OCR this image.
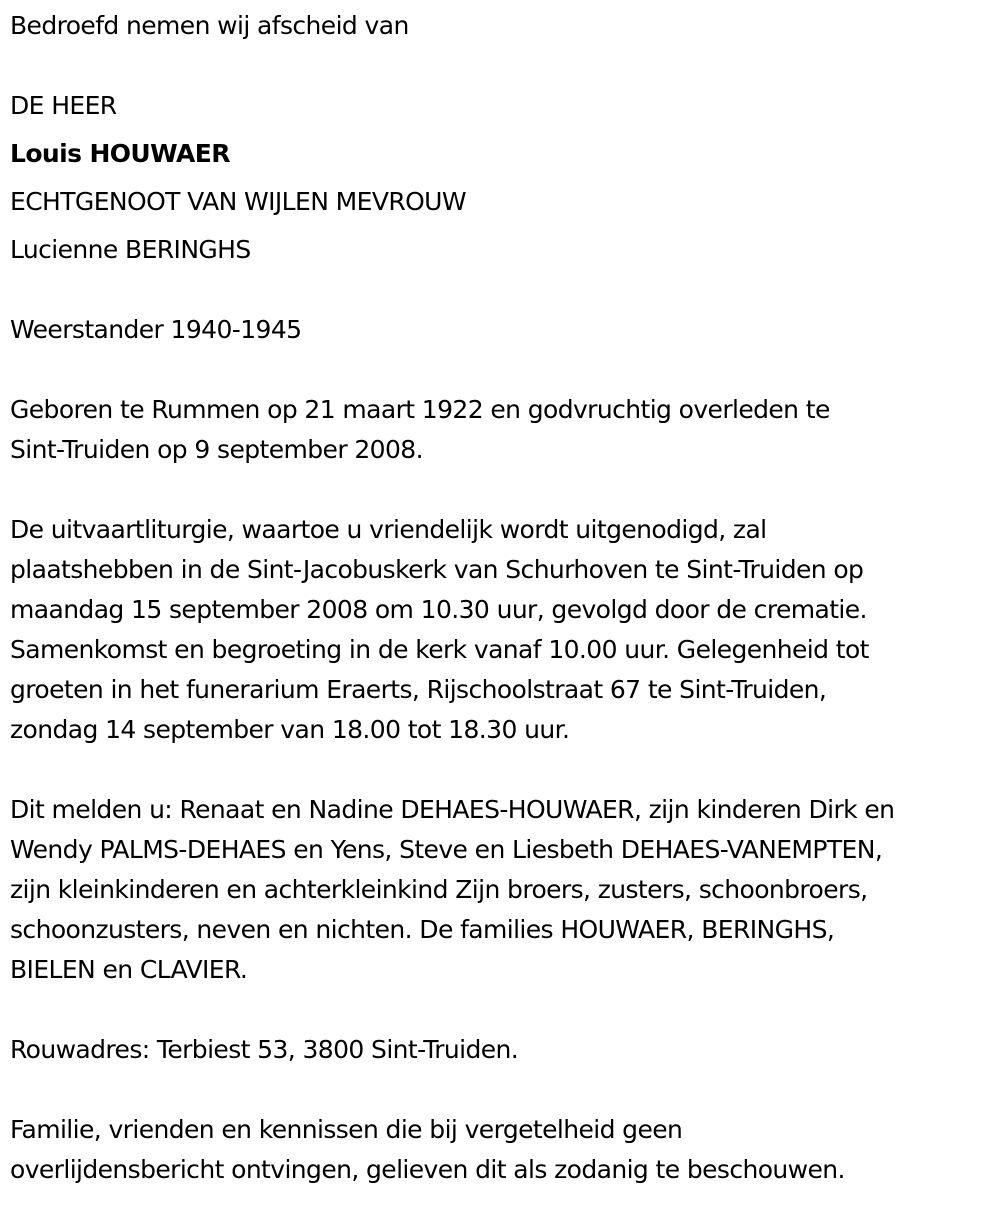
Bedroefd nemen wij afscheid van

DE HEER

Louis HOUWAER

ECHTGENOOT VAN WIJLEN MEVROUW

Lucienne BERINGHS

Weerstander 1940-1945

Geboren te Rummen op 21 maart 1922 en godvruchtig overleden te

Sint-Truiden op 9 september 2008.

De uitvaartliturgie, waartoe u vriendelijk wordt uitgenodigd, zal

plaatshebben in de Sint-Jacobuskerk van Schurhoven te Sint-Truiden op

maandag 15 september 2008 om 10.30 uur, gevolgd door de crematie.

Samenkomst en begroeting in de kerk vanaf 10.00 uur. Gelegenheid tot

groeten in het funerarium Eraerts, Rijschoolstraat 67 te Sint-Truiden,

zondag 14 september van 18.00 tot 18.30 uur.

Dit melden u: Renaat en Nadine DEHAES-HOUWAER, zijn kinderen Dirk en

Wendy PALMS-DEHAES en Yens, Steve en Liesbeth DEHAES-VANEMPTEN,

zijn kleinkinderen en achterkleinkind Zijn broers, zusters, schoonbroers,

schoonzusters, neven en nichten. De families HOUWAER, BERINGHS,

BIELEN en CLAVIER.

Rouwadres: Terbiest 53, 3800 Sint-Truiden.

Familie, vrienden en kennissen die bij vergetelheid geen

overlijdensbericht ontvingen, gelieven dit als zodanig te beschouwen.
